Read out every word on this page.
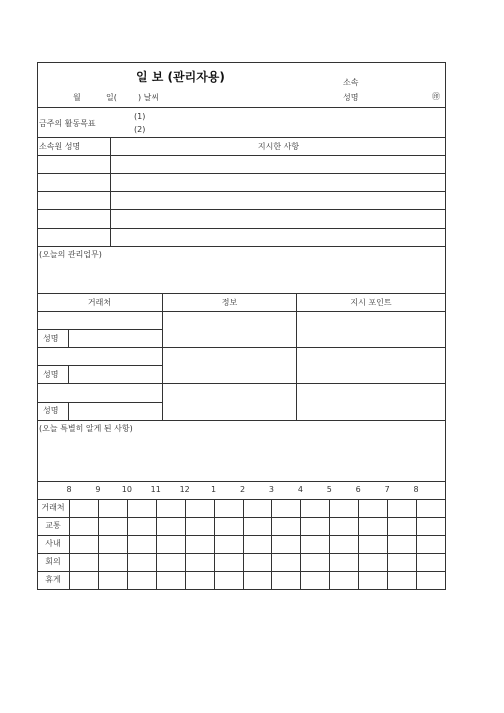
일 보 (관리자용)	소속
월	일(	) 날씨	성명	㊞
금주의 활동목표
(1)
(2)
소속원 성명	지시한 사항
(오늘의 관리업무)
거래처	정보	지시 포인트
성명
성명
성명
(오늘 특별히 알게 된 사항)
8	9	10	11	12	1	2	3	4	5	6	7	8
거래처
교통
사내
회의
휴게
